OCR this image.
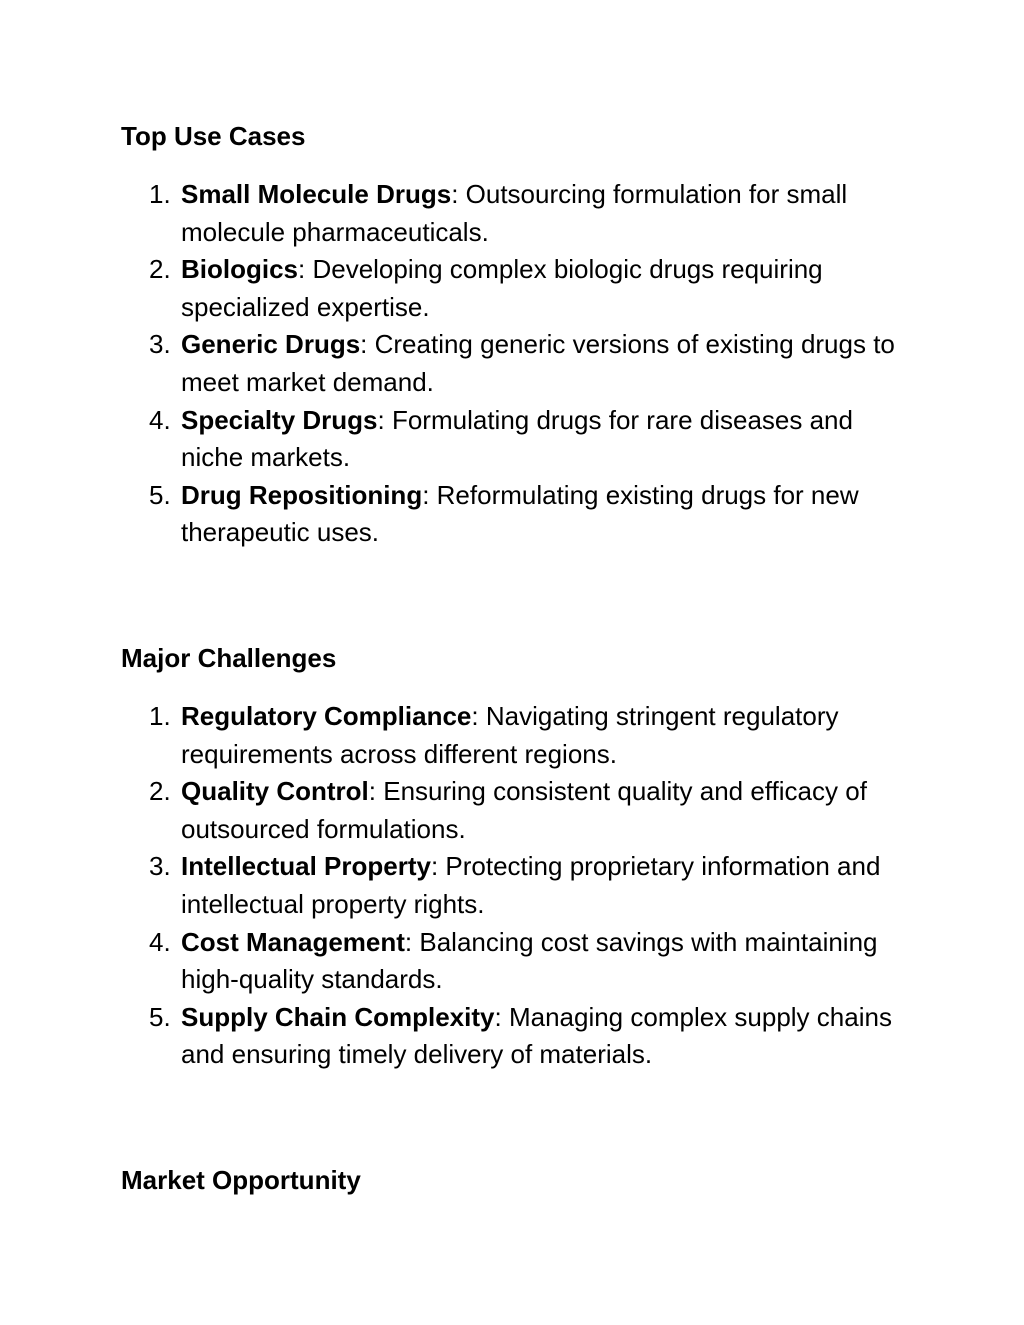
Top Use Cases
1. Small Molecule Drugs: Outsourcing formulation for small molecule pharmaceuticals.
2. Biologics: Developing complex biologic drugs requiring specialized expertise.
3. Generic Drugs: Creating generic versions of existing drugs to meet market demand.
4. Specialty Drugs: Formulating drugs for rare diseases and niche markets.
5. Drug Repositioning: Reformulating existing drugs for new therapeutic uses.
Major Challenges
1. Regulatory Compliance: Navigating stringent regulatory requirements across different regions.
2. Quality Control: Ensuring consistent quality and efficacy of outsourced formulations.
3. Intellectual Property: Protecting proprietary information and intellectual property rights.
4. Cost Management: Balancing cost savings with maintaining high-quality standards.
5. Supply Chain Complexity: Managing complex supply chains and ensuring timely delivery of materials.
Market Opportunity
